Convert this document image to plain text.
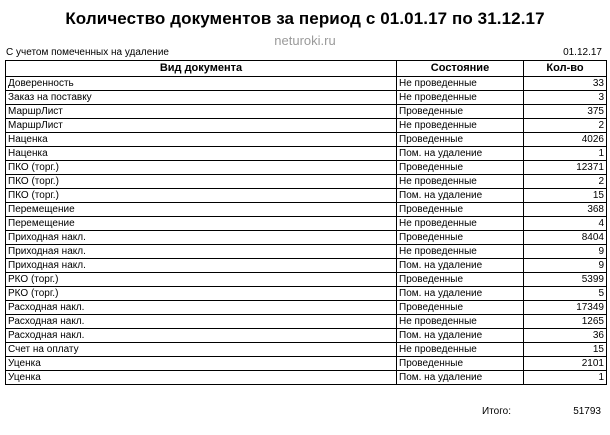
Количество документов за период с 01.01.17 по 31.12.17
neturoki.ru
С учетом помеченных на удаление	01.12.17
Вид документа	Состояние	Кол-во
Доверенность	Не проведенные	33
Заказ на поставку	Не проведенные	3
МаршрЛист	Проведенные	375
МаршрЛист	Не проведенные	2
Наценка	Проведенные	4026
Наценка	Пом. на удаление	1
ПКО (торг.)	Проведенные	12371
ПКО (торг.)	Не проведенные	2
ПКО (торг.)	Пом. на удаление	15
Перемещение	Проведенные	368
Перемещение	Не проведенные	4
Приходная накл.	Проведенные	8404
Приходная накл.	Не проведенные	9
Приходная накл.	Пом. на удаление	9
РКО (торг.)	Проведенные	5399
РКО (торг.)	Пом. на удаление	5
Расходная накл.	Проведенные	17349
Расходная накл.	Не проведенные	1265
Расходная накл.	Пом. на удаление	36
Счет на оплату	Не проведенные	15
Уценка	Проведенные	2101
Уценка	Пом. на удаление	1
Итого:	51793
